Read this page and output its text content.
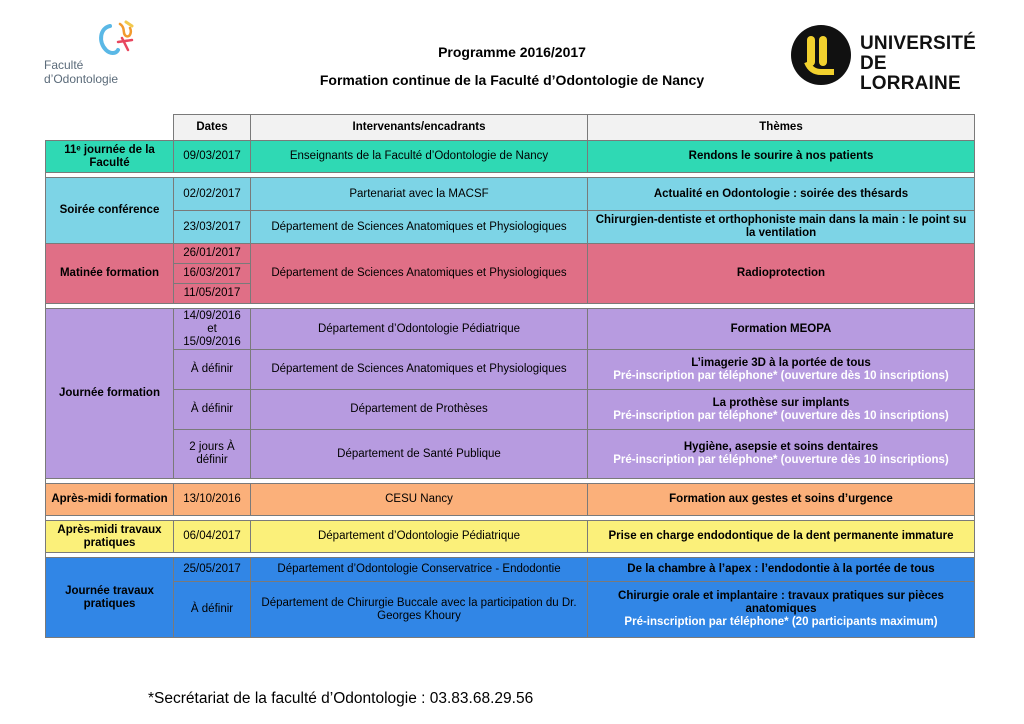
Faculté
d’Odontologie
UNIVERSITÉ
DE LORRAINE
Programme 2016/2017
Formation continue de la Faculté d’Odontologie de Nancy
	Dates	Intervenants/encadrants	Thèmes
11ᵉ journée de la Faculté	09/03/2017	Enseignants de la Faculté d’Odontologie de Nancy	Rendons le sourire à nos patients

Soirée conférence	02/02/2017	Partenariat avec la MACSF	Actualité en Odontologie : soirée des thésards
	23/03/2017	Département de Sciences Anatomiques et Physiologiques	Chirurgien-dentiste et orthophoniste main dans la main : le point su la ventilation
Matinée formation	26/01/2017	Département de Sciences Anatomiques et Physiologiques	Radioprotection
	16/03/2017		
	11/05/2017		

Journée formation	14/09/2016 et 15/09/2016	Département d’Odontologie Pédiatrique	Formation MEOPA
	À définir	Département de Sciences Anatomiques et Physiologiques	L’imagerie 3D à la portée de tous
Pré-inscription par téléphone* (ouverture dès 10 inscriptions)

	À définir	Département de Prothèses	La prothèse sur implants
Pré-inscription par téléphone* (ouverture dès 10 inscriptions)

	2 jours À définir	Département de Santé Publique	Hygiène, asepsie et soins dentaires
Pré-inscription par téléphone* (ouverture dès 10 inscriptions)

Après-midi formation	13/10/2016	CESU Nancy	Formation aux gestes et soins d’urgence

Après-midi travaux pratiques	06/04/2017	Département d’Odontologie Pédiatrique	Prise en charge endodontique de la dent permanente immature

Journée travaux pratiques	25/05/2017	Département d’Odontologie Conservatrice - Endodontie	De la chambre à l’apex : l’endodontie à la portée de tous
	À définir	Département de Chirurgie Buccale avec la participation du Dr. Georges Khoury	Chirurgie orale et implantaire : travaux pratiques sur pièces anatomiques
Pré-inscription par téléphone* (20 participants maximum)
*Secrétariat de la faculté d’Odontologie : 03.83.68.29.56
